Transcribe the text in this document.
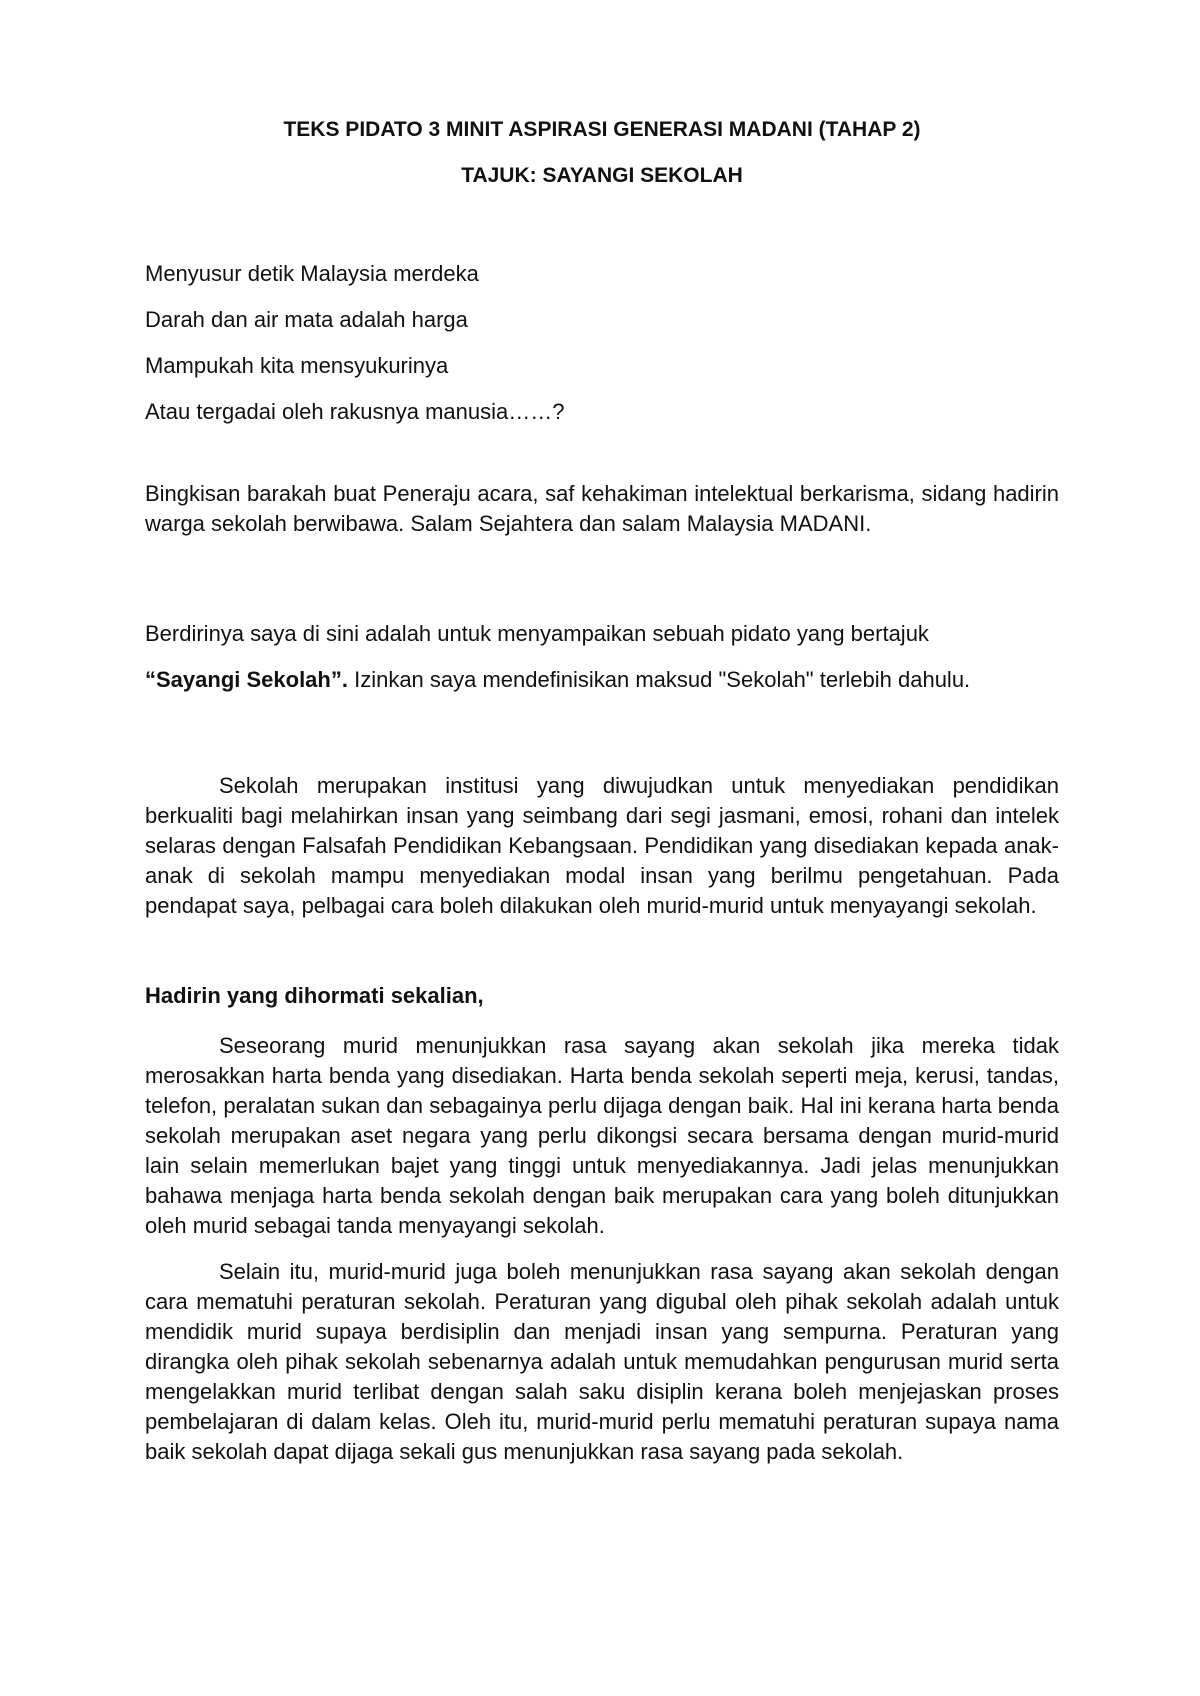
TEKS PIDATO 3 MINIT ASPIRASI GENERASI MADANI (TAHAP 2)

TAJUK: SAYANGI SEKOLAH

Menyusur detik Malaysia merdeka

Darah dan air mata adalah harga

Mampukah kita mensyukurinya

Atau tergadai oleh rakusnya manusia……?

Bingkisan barakah buat Peneraju acara, saf kehakiman intelektual berkarisma, sidang hadirin warga sekolah berwibawa. Salam Sejahtera dan salam Malaysia MADANI.

Berdirinya saya di sini adalah untuk menyampaikan sebuah pidato yang bertajuk

“Sayangi Sekolah”. Izinkan saya mendefinisikan maksud "Sekolah" terlebih dahulu.

Sekolah merupakan institusi yang diwujudkan untuk menyediakan pendidikan berkualiti bagi melahirkan insan yang seimbang dari segi jasmani, emosi, rohani dan intelek selaras dengan Falsafah Pendidikan Kebangsaan. Pendidikan yang disediakan kepada anak-anak di sekolah mampu menyediakan modal insan yang berilmu pengetahuan. Pada pendapat saya, pelbagai cara boleh dilakukan oleh murid-murid untuk menyayangi sekolah.

Hadirin yang dihormati sekalian,

Seseorang murid menunjukkan rasa sayang akan sekolah jika mereka tidak merosakkan harta benda yang disediakan. Harta benda sekolah seperti meja, kerusi, tandas, telefon, peralatan sukan dan sebagainya perlu dijaga dengan baik. Hal ini kerana harta benda sekolah merupakan aset negara yang perlu dikongsi secara bersama dengan murid-murid lain selain memerlukan bajet yang tinggi untuk menyediakannya. Jadi jelas menunjukkan bahawa menjaga harta benda sekolah dengan baik merupakan cara yang boleh ditunjukkan oleh murid sebagai tanda menyayangi sekolah.

Selain itu, murid-murid juga boleh menunjukkan rasa sayang akan sekolah dengan cara mematuhi peraturan sekolah. Peraturan yang digubal oleh pihak sekolah adalah untuk mendidik murid supaya berdisiplin dan menjadi insan yang sempurna. Peraturan yang dirangka oleh pihak sekolah sebenarnya adalah untuk memudahkan pengurusan murid serta mengelakkan murid terlibat dengan salah saku disiplin kerana boleh menjejaskan proses pembelajaran di dalam kelas. Oleh itu, murid-murid perlu mematuhi peraturan supaya nama baik sekolah dapat dijaga sekali gus menunjukkan rasa sayang pada sekolah.
